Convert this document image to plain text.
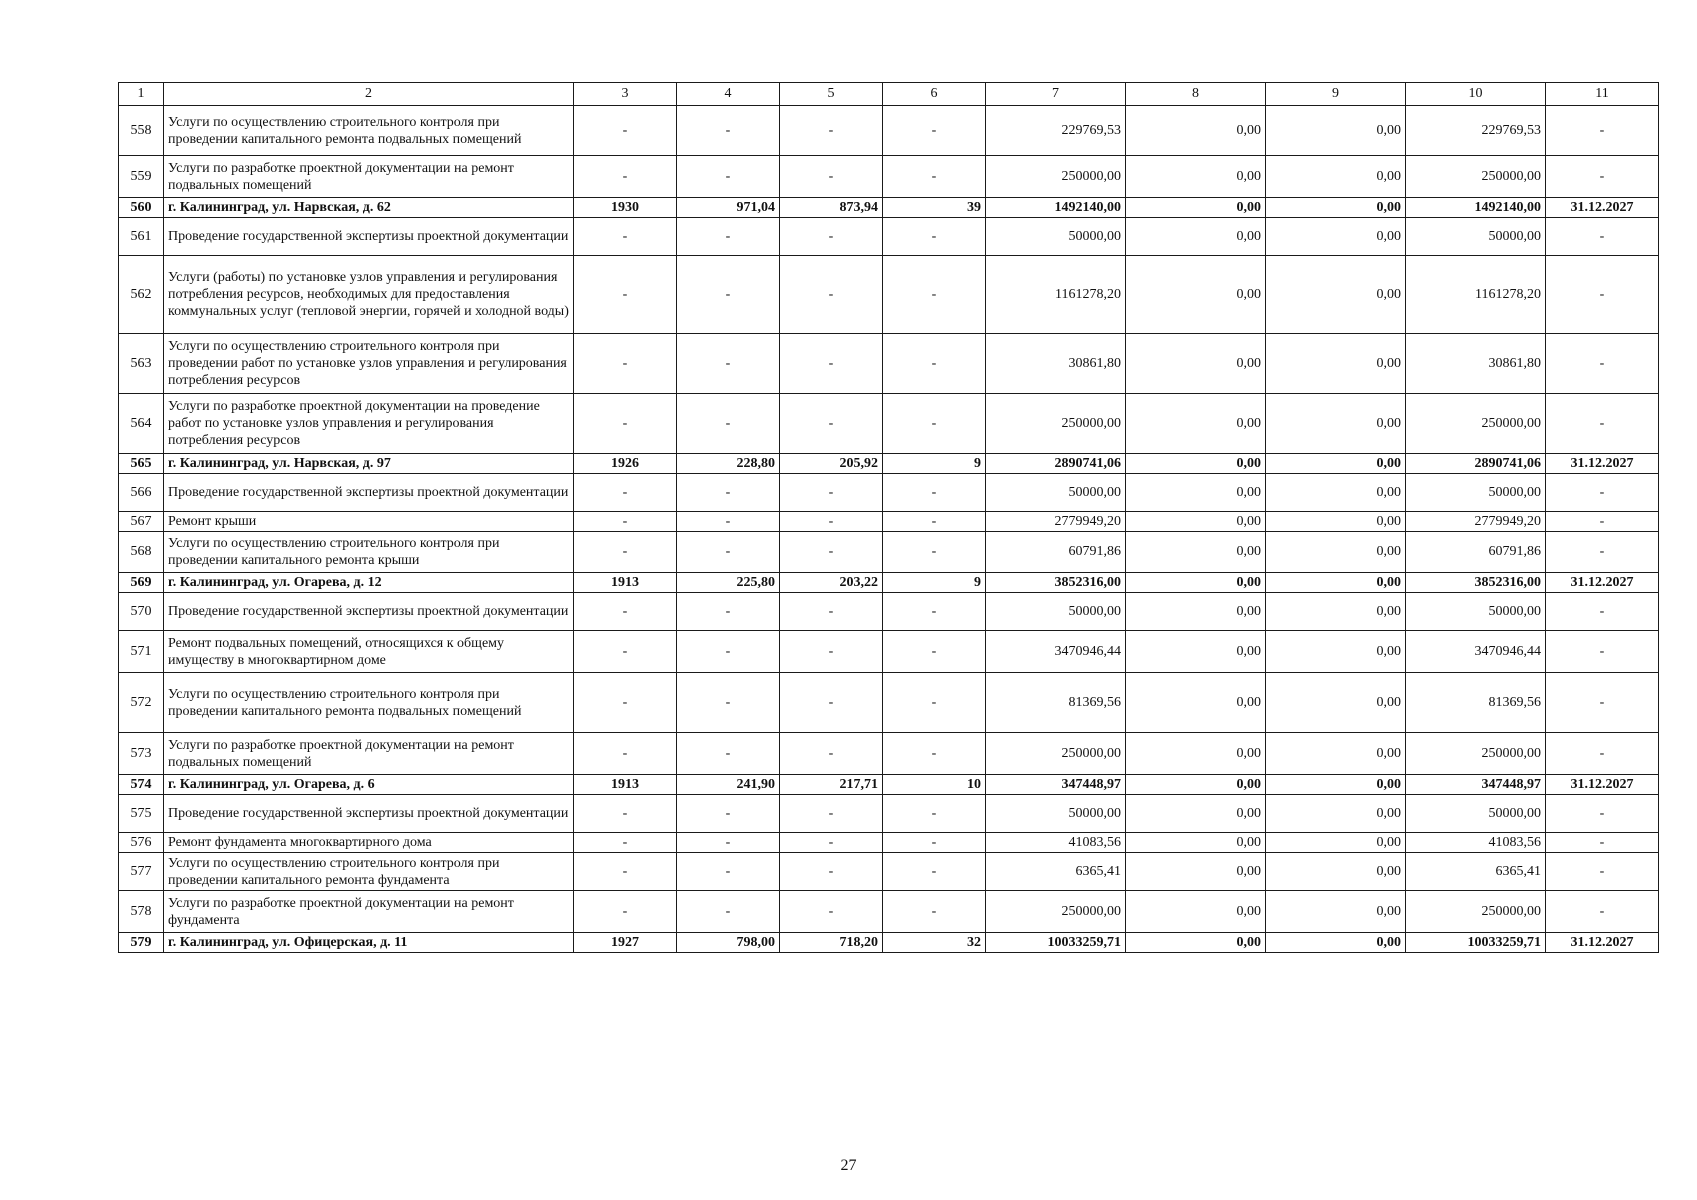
1	2	3	4	5	6	7	8	9	10	11
558	Услуги по осуществлению строительного контроля при проведении капитального ремонта подвальных помещений	-	-	-	-	229769,53	0,00	0,00	229769,53	-
559	Услуги по разработке проектной документации на ремонт подвальных помещений	-	-	-	-	250000,00	0,00	0,00	250000,00	-
560	г. Калининград, ул. Нарвская, д. 62	1930	971,04	873,94	39	1492140,00	0,00	0,00	1492140,00	31.12.2027
561	Проведение государственной экспертизы проектной документации	-	-	-	-	50000,00	0,00	0,00	50000,00	-
562	Услуги (работы) по установке узлов управления и регулирования потребления ресурсов, необходимых для предоставления коммунальных услуг (тепловой энергии, горячей и холодной воды)	-	-	-	-	1161278,20	0,00	0,00	1161278,20	-
563	Услуги по осуществлению строительного контроля при проведении работ по установке узлов управления и регулирования потребления ресурсов	-	-	-	-	30861,80	0,00	0,00	30861,80	-
564	Услуги по разработке проектной документации на проведение работ по установке узлов управления и регулирования потребления ресурсов	-	-	-	-	250000,00	0,00	0,00	250000,00	-
565	г. Калининград, ул. Нарвская, д. 97	1926	228,80	205,92	9	2890741,06	0,00	0,00	2890741,06	31.12.2027
566	Проведение государственной экспертизы проектной документации	-	-	-	-	50000,00	0,00	0,00	50000,00	-
567	Ремонт крыши	-	-	-	-	2779949,20	0,00	0,00	2779949,20	-
568	Услуги по осуществлению строительного контроля при проведении капитального ремонта крыши	-	-	-	-	60791,86	0,00	0,00	60791,86	-
569	г. Калининград, ул. Огарева, д. 12	1913	225,80	203,22	9	3852316,00	0,00	0,00	3852316,00	31.12.2027
570	Проведение государственной экспертизы проектной документации	-	-	-	-	50000,00	0,00	0,00	50000,00	-
571	Ремонт подвальных помещений, относящихся к общему имуществу в многоквартирном доме	-	-	-	-	3470946,44	0,00	0,00	3470946,44	-
572	Услуги по осуществлению строительного контроля при проведении капитального ремонта подвальных помещений	-	-	-	-	81369,56	0,00	0,00	81369,56	-
573	Услуги по разработке проектной документации на ремонт подвальных помещений	-	-	-	-	250000,00	0,00	0,00	250000,00	-
574	г. Калининград, ул. Огарева, д. 6	1913	241,90	217,71	10	347448,97	0,00	0,00	347448,97	31.12.2027
575	Проведение государственной экспертизы проектной документации	-	-	-	-	50000,00	0,00	0,00	50000,00	-
576	Ремонт фундамента многоквартирного дома	-	-	-	-	41083,56	0,00	0,00	41083,56	-
577	Услуги по осуществлению строительного контроля при проведении капитального ремонта фундамента	-	-	-	-	6365,41	0,00	0,00	6365,41	-
578	Услуги по разработке проектной документации на ремонт фундамента	-	-	-	-	250000,00	0,00	0,00	250000,00	-
579	г. Калининград, ул. Офицерская, д. 11	1927	798,00	718,20	32	10033259,71	0,00	0,00	10033259,71	31.12.2027
27
